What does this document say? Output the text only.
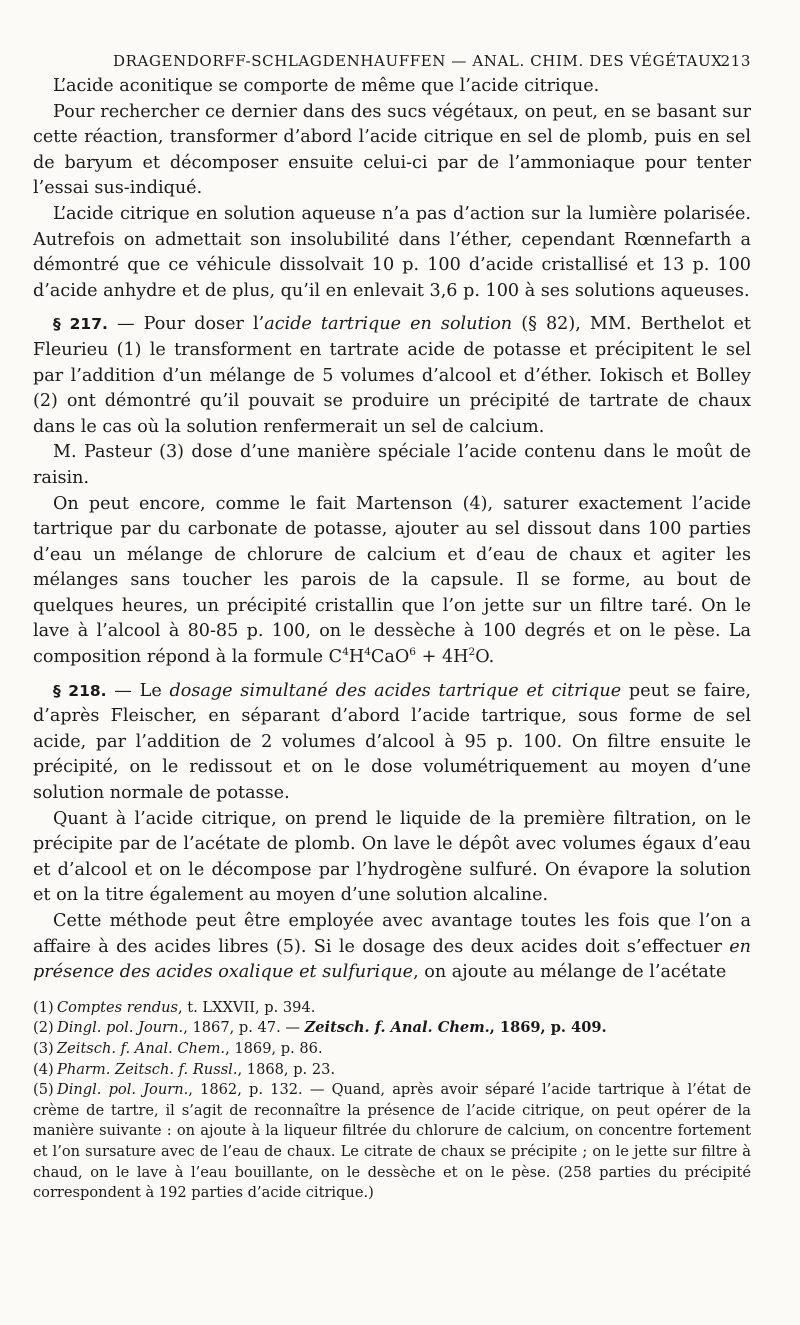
DRAGENDORFF-SCHLAGDENHAUFFEN — ANAL. CHIM. DES VÉGÉTAUX
213

L’acide aconitique se comporte de même que l’acide citrique.

Pour rechercher ce dernier dans des sucs végétaux, on peut, en se basant sur cette réaction, transformer d’abord l’acide citrique en sel de plomb, puis en sel de baryum et décomposer ensuite celui-ci par de l’ammoniaque pour tenter l’essai sus-indiqué.

L’acide citrique en solution aqueuse n’a pas d’action sur la lumière polarisée. Autrefois on admettait son insolubilité dans l’éther, cependant Rœnnefarth a démontré que ce véhicule dissolvait 10 p. 100 d’acide cristallisé et 13 p. 100 d’acide anhydre et de plus, qu’il en enlevait 3,6 p. 100 à ses solutions aqueuses.

§ 217. — Pour doser l’acide tartrique en solution (§ 82), MM. Berthelot et Fleurieu (1) le transforment en tartrate acide de potasse et précipitent le sel par l’addition d’un mélange de 5 volumes d’alcool et d’éther. Iokisch et Bolley (2) ont démontré qu’il pouvait se produire un précipité de tartrate de chaux dans le cas où la solution renfermerait un sel de calcium.

M. Pasteur (3) dose d’une manière spéciale l’acide contenu dans le moût de raisin.

On peut encore, comme le fait Martenson (4), saturer exactement l’acide tartrique par du carbonate de potasse, ajouter au sel dissout dans 100 parties d’eau un mélange de chlorure de calcium et d’eau de chaux et agiter les mélanges sans toucher les parois de la capsule. Il se forme, au bout de quelques heures, un précipité cristallin que l’on jette sur un filtre taré. On le lave à l’alcool à 80-85 p. 100, on le dessèche à 100 degrés et on le pèse. La composition répond à la formule $C^4H^4CaO^6 + 4H^2O$.

§ 218. — Le dosage simultané des acides tartrique et citrique peut se faire, d’après Fleischer, en séparant d’abord l’acide tartrique, sous forme de sel acide, par l’addition de 2 volumes d’alcool à 95 p. 100. On filtre ensuite le précipité, on le redissout et on le dose volumétriquement au moyen d’une solution normale de potasse.

Quant à l’acide citrique, on prend le liquide de la première filtration, on le précipite par de l’acétate de plomb. On lave le dépôt avec volumes égaux d’eau et d’alcool et on le décompose par l’hydrogène sulfuré. On évapore la solution et on la titre également au moyen d’une solution alcaline.

Cette méthode peut être employée avec avantage toutes les fois que l’on a affaire à des acides libres (5). Si le dosage des deux acides doit s’effectuer en présence des acides oxalique et sulfurique, on ajoute au mélange de l’acétate

(1) Comptes rendus, t. LXXVII, p. 394.

(2) Dingl. pol. Journ., 1867, p. 47. — Zeitsch. f. Anal. Chem., 1869, p. 409.

(3) Zeitsch. f. Anal. Chem., 1869, p. 86.

(4) Pharm. Zeitsch. f. Russl., 1868, p. 23.

(5) Dingl. pol. Journ., 1862, p. 132. — Quand, après avoir séparé l’acide tartrique à l’état de crème de tartre, il s’agit de reconnaître la présence de l’acide citrique, on peut opérer de la manière suivante : on ajoute à la liqueur filtrée du chlorure de calcium, on concentre fortement et l’on sursature avec de l’eau de chaux. Le citrate de chaux se précipite ; on le jette sur filtre à chaud, on le lave à l’eau bouillante, on le dessèche et on le pèse. (258 parties du précipité correspondent à 192 parties d’acide citrique.)
